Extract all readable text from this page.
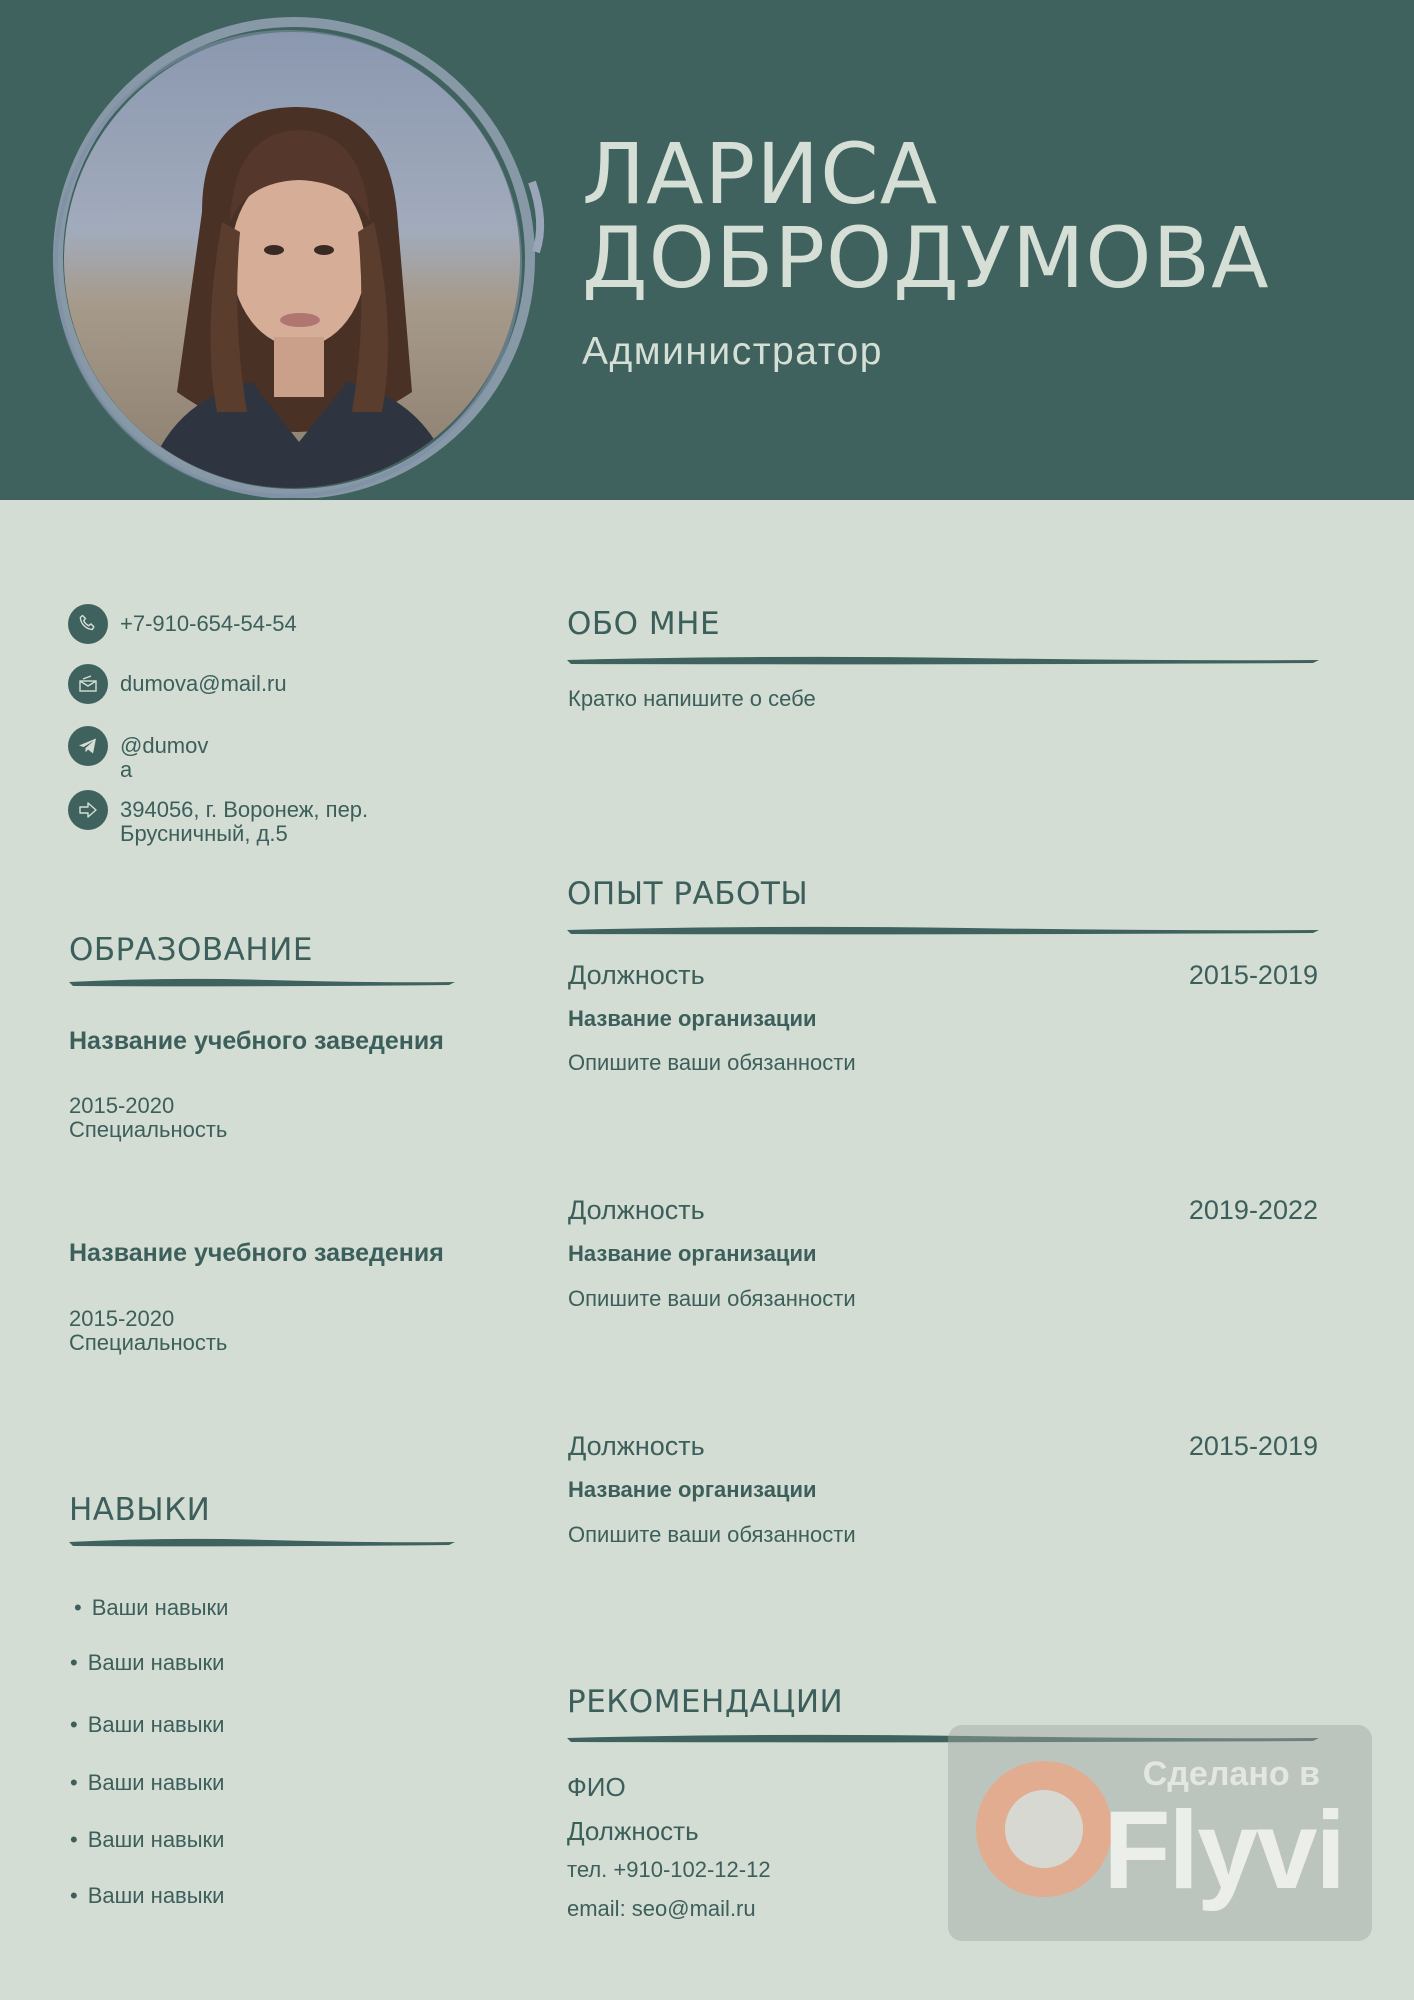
ЛАРИСА
ДОБРОДУМОВА
Администратор
+7-910-654-54-54
dumova@mail.ru
@dumov
а
394056, г. Воронеж, пер.
Брусничный, д.5
ОБРАЗОВАНИЕ
Название учебного заведения
2015-2020
Специальность
Название учебного заведения
2015-2020
Специальность
НАВЫКИ
• Ваши навыки
• Ваши навыки
• Ваши навыки
• Ваши навыки
• Ваши навыки
• Ваши навыки
ОБО МНЕ
Кратко напишите о себе
ОПЫТ РАБОТЫ
Должность	2015-2019
Название организации
Опишите ваши обязанности
Должность	2019-2022
Название организации
Опишите ваши обязанности
Должность	2015-2019
Название организации
Опишите ваши обязанности
РЕКОМЕНДАЦИИ
ФИО
Должность
тел. +910-102-12-12
email: seo@mail.ru
Сделано в
Flyvi
